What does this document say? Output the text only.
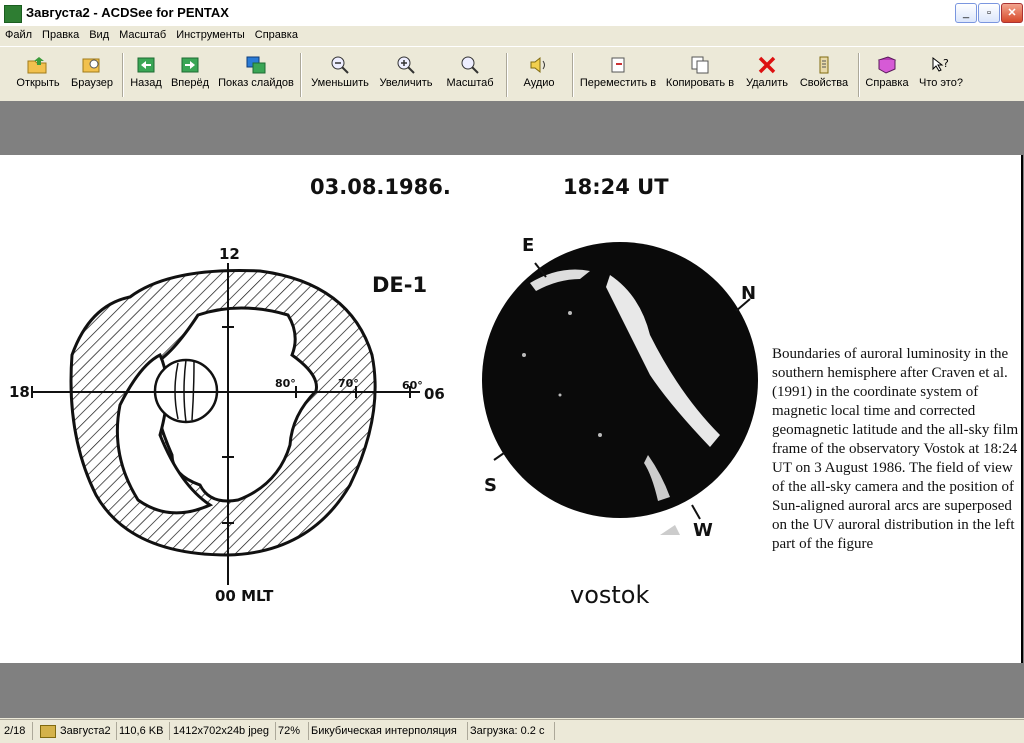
Завгуста2 - ACDSee for PENTAX	_	▫	✕
Файл Правка Вид Масштаб Инструменты Справка
Открыть	Браузер	Назад Вперёд Показ слайдов Уменьшить Увеличить	Масштаб	Аудио	Переместить в Копировать в	Удалить	Свойства	Справка
?
Что это?
03.08.1986.	18:24 UT
DE-1
12
18	06
00 MLT
80°	70°	60°
E
N
S
W
vostok
Boundaries of auroral luminosity in the southern hemisphere after Craven et al. (1991) in the coordinate system of magnetic local time and corrected geomagnetic latitude and the all-sky film frame of the observatory Vostok at 18:24 UT on 3 August 1986. The field of view of the all-sky camera and the position of Sun-aligned auroral arcs are superposed on the UV auroral distribution in the left part of the figure
2/18	Завгуста2 110,6 KB 1412x702x24b jpeg 72% Бикубическая интерполяция	Загрузка: 0.2 с
